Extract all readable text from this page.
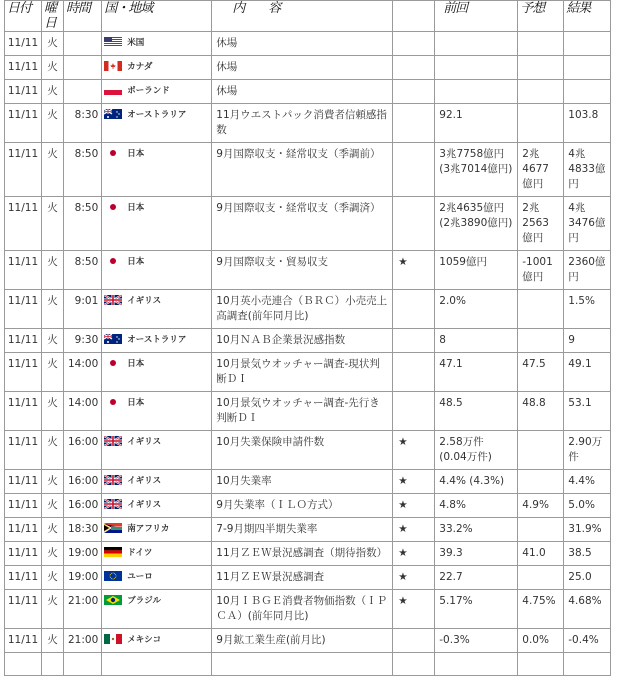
日付	曜日	時間	国・地域	内　　容		前回	予想	結果
11/11	火		米国	休場				
11/11	火		カナダ	休場				
11/11	火		ポーランド	休場				
11/11	火	8:30	オーストラリア	11月ウエストパック消費者信頼感指数		92.1		103.8
11/11	火	8:50	日本	9月国際収支・経常収支（季調前）		3兆7758億円 (3兆7014億円)	2兆4677億円	4兆4833億円
11/11	火	8:50	日本	9月国際収支・経常収支（季調済）		2兆4635億円 (2兆3890億円)	2兆2563億円	4兆3476億円
11/11	火	8:50	日本	9月国際収支・貿易収支	★	1059億円	-1001億円	2360億円
11/11	火	9:01	イギリス	10月英小売連合（ＢＲＣ）小売売上高調査(前年同月比)		2.0%		1.5%
11/11	火	9:30	オーストラリア	10月ＮＡＢ企業景況感指数		8		9
11/11	火	14:00	日本	10月景気ウオッチャー調査-現状判断ＤＩ		47.1	47.5	49.1
11/11	火	14:00	日本	10月景気ウオッチャー調査-先行き判断ＤＩ		48.5	48.8	53.1
11/11	火	16:00	イギリス	10月失業保険申請件数	★	2.58万件 (0.04万件)		2.90万件
11/11	火	16:00	イギリス	10月失業率	★	4.4% (4.3%)		4.4%
11/11	火	16:00	イギリス	9月失業率（ＩＬＯ方式）	★	4.8%	4.9%	5.0%
11/11	火	18:30	南アフリカ	7-9月期四半期失業率	★	33.2%		31.9%
11/11	火	19:00	ドイツ	11月ＺＥＷ景況感調査（期待指数）	★	39.3	41.0	38.5
11/11	火	19:00	ユーロ	11月ＺＥＷ景況感調査	★	22.7		25.0
11/11	火	21:00	ブラジル	10月ＩＢＧＥ消費者物価指数（ＩＰＣＡ）(前年同月比)	★	5.17%	4.75%	4.68%
11/11	火	21:00	メキシコ	9月鉱工業生産(前月比)		-0.3%	0.0%	-0.4%
